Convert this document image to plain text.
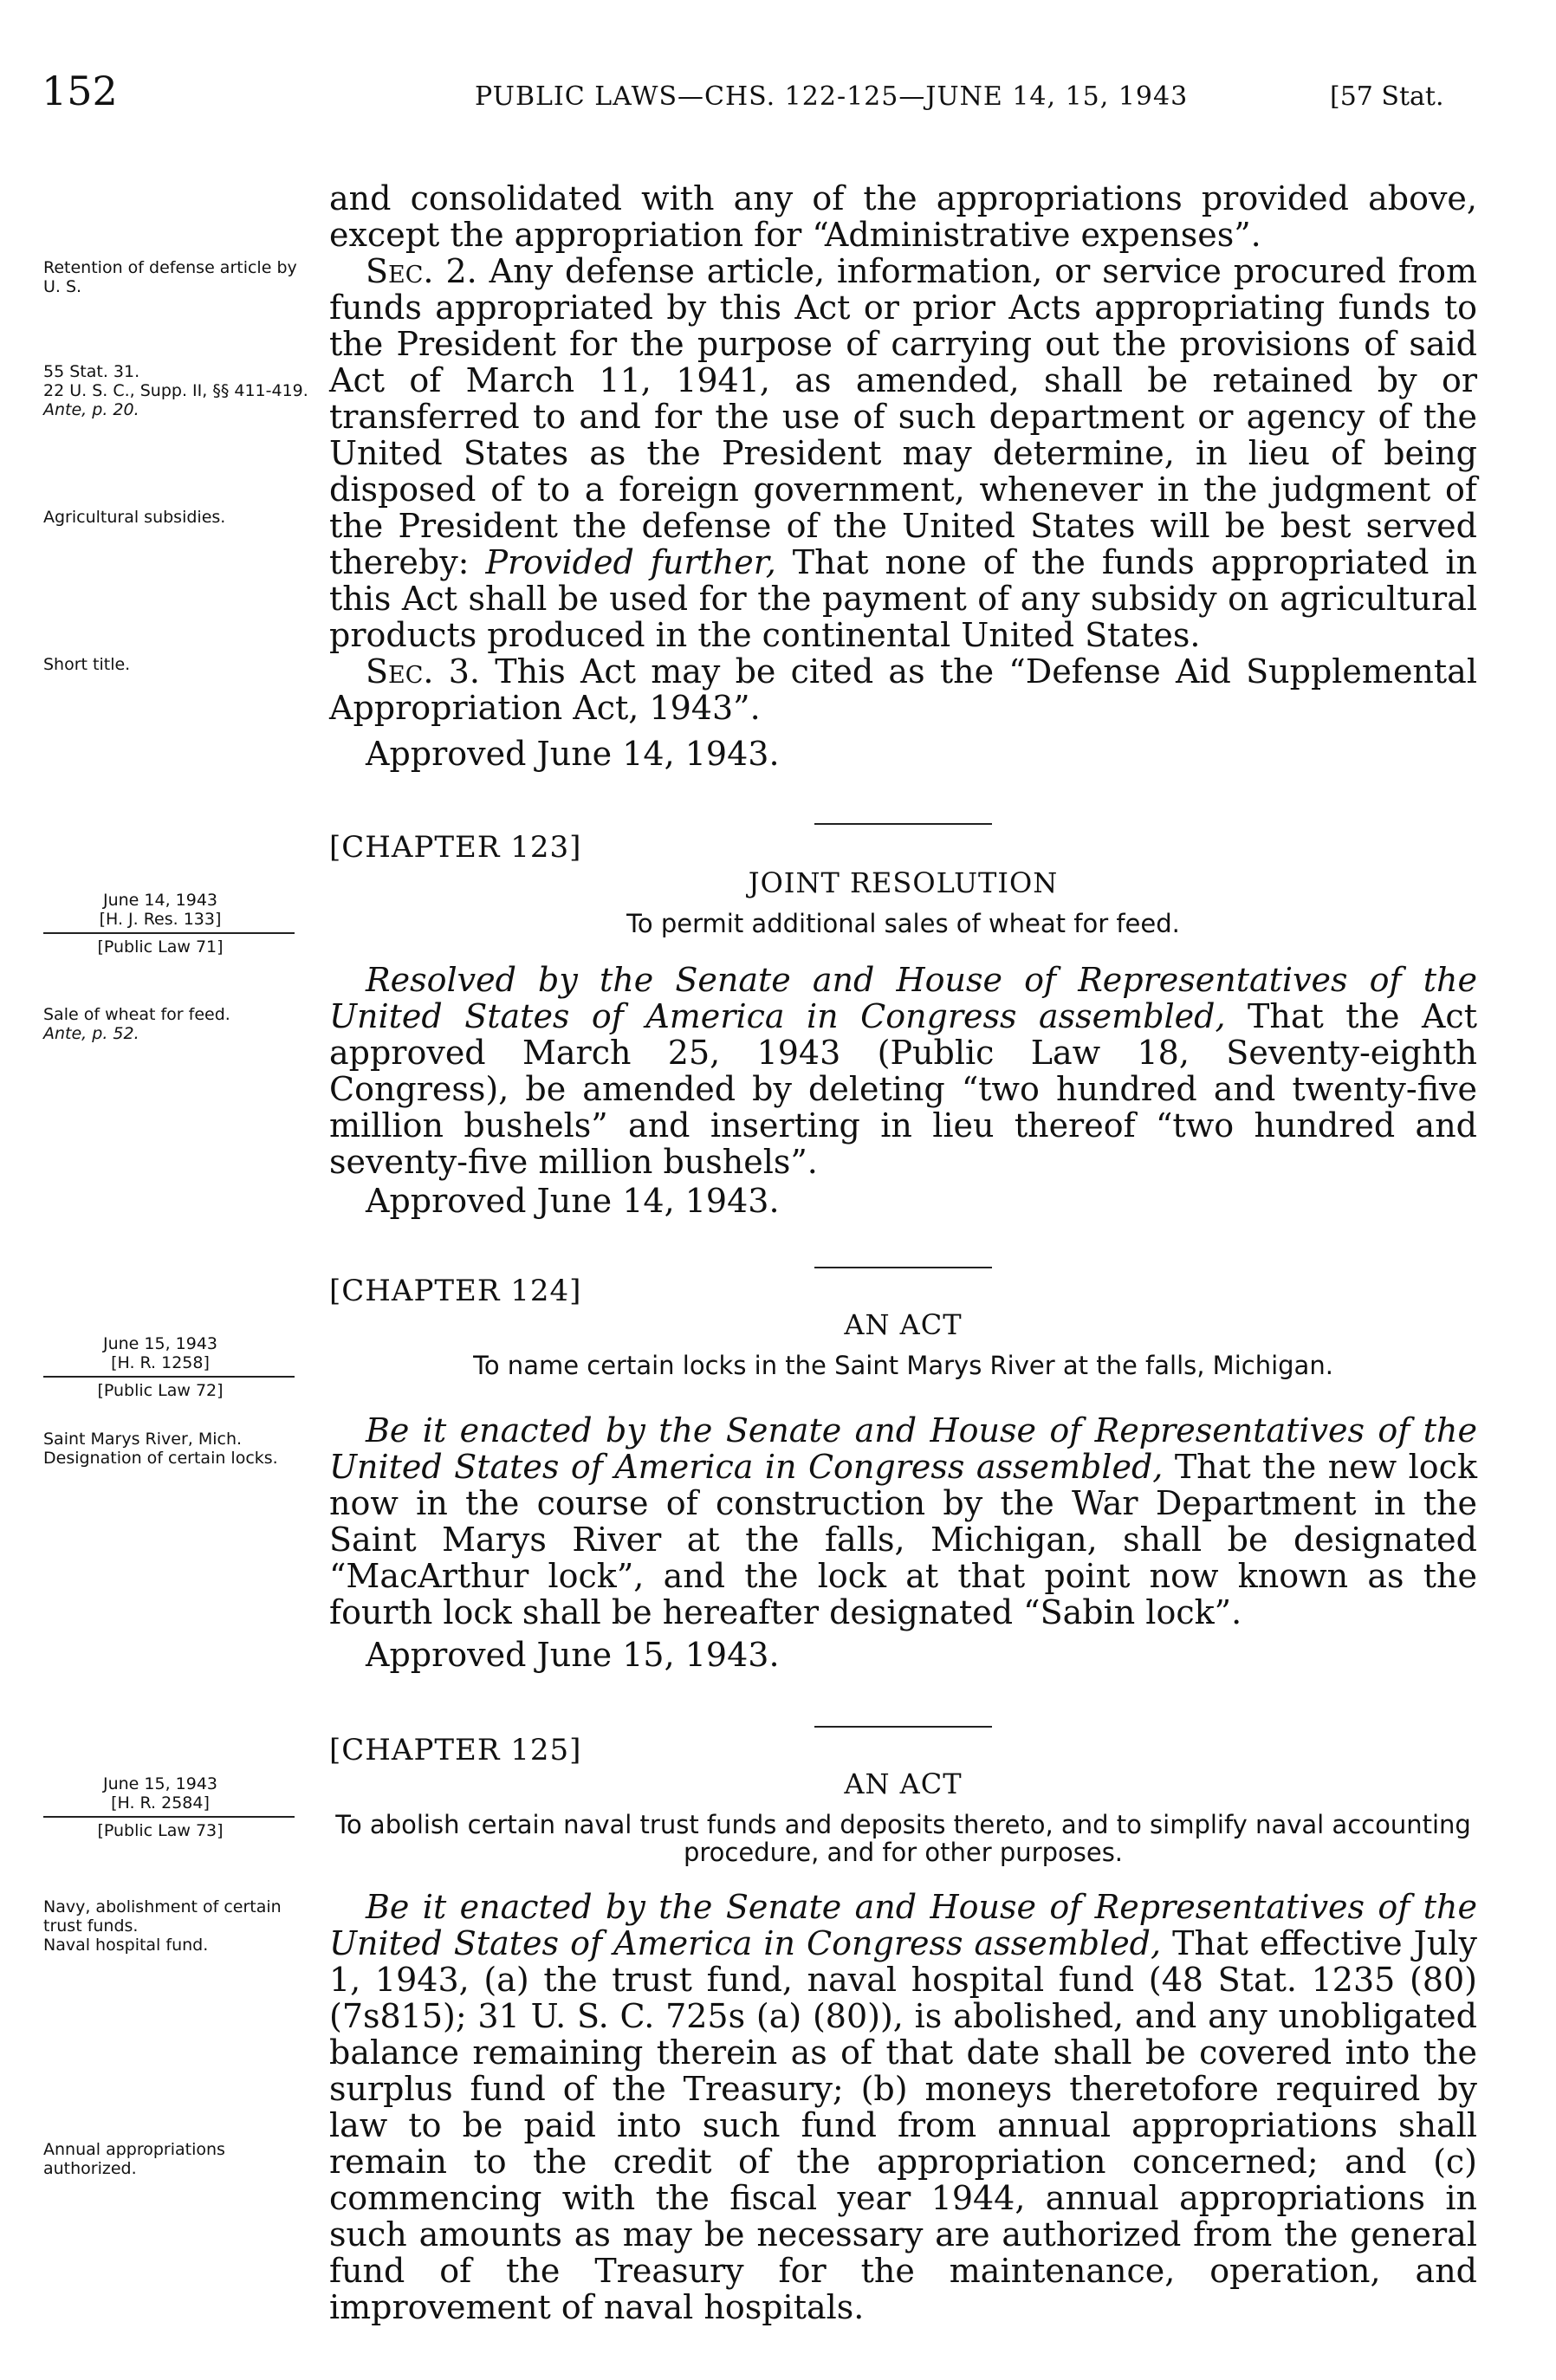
152	PUBLIC LAWS—CHS. 122-125—JUNE 14, 15, 1943	[57 Stat.
Retention of defense article by U. S.
55 Stat. 31.
22 U. S. C., Supp. II, §§ 411-419.
Ante, p. 20.
Agricultural subsidies.
Short title.
June 14, 1943
[H. J. Res. 133]
[Public Law 71]
Sale of wheat for feed.
Ante, p. 52.
June 15, 1943
[H. R. 1258]
[Public Law 72]
Saint Marys River, Mich.
Designation of certain locks.
June 15, 1943
[H. R. 2584]
[Public Law 73]
Navy, abolishment of certain trust funds.
Naval hospital fund.
Annual appropriations authorized.

and consolidated with any of the appropriations provided above, except the appropriation for “Administrative expenses”.

Sec. 2. Any defense article, information, or service procured from funds appropriated by this Act or prior Acts appropriating funds to the President for the purpose of carrying out the provisions of said Act of March 11, 1941, as amended, shall be retained by or transferred to and for the use of such department or agency of the United States as the President may determine, in lieu of being disposed of to a foreign government, whenever in the judgment of the President the defense of the United States will be best served thereby: Provided further, That none of the funds appropriated in this Act shall be used for the payment of any subsidy on agricultural products produced in the continental United States.

Sec. 3. This Act may be cited as the “Defense Aid Supplemental Appropriation Act, 1943”.

Approved June 14, 1943.
[CHAPTER 123]
JOINT RESOLUTION
To permit additional sales of wheat for feed.

Resolved by the Senate and House of Representatives of the United States of America in Congress assembled, That the Act approved March 25, 1943 (Public Law 18, Seventy-eighth Congress), be amended by deleting “two hundred and twenty-five million bushels” and inserting in lieu thereof “two hundred and seventy-five million bushels”.

Approved June 14, 1943.
[CHAPTER 124]
AN ACT
To name certain locks in the Saint Marys River at the falls, Michigan.

Be it enacted by the Senate and House of Representatives of the United States of America in Congress assembled, That the new lock now in the course of construction by the War Department in the Saint Marys River at the falls, Michigan, shall be designated “MacArthur lock”, and the lock at that point now known as the fourth lock shall be hereafter designated “Sabin lock”.

Approved June 15, 1943.
[CHAPTER 125]
AN ACT
To abolish certain naval trust funds and deposits thereto, and to simplify naval accounting procedure, and for other purposes.

Be it enacted by the Senate and House of Representatives of the United States of America in Congress assembled, That effective July 1, 1943, (a) the trust fund, naval hospital fund (48 Stat. 1235 (80) (7s815); 31 U. S. C. 725s (a) (80)), is abolished, and any unobligated balance remaining therein as of that date shall be covered into the surplus fund of the Treasury; (b) moneys theretofore required by law to be paid into such fund from annual appropriations shall remain to the credit of the appropriation concerned; and (c) commencing with the fiscal year 1944, annual appropriations in such amounts as may be necessary are authorized from the general fund of the Treasury for the maintenance, operation, and improvement of naval hospitals.
